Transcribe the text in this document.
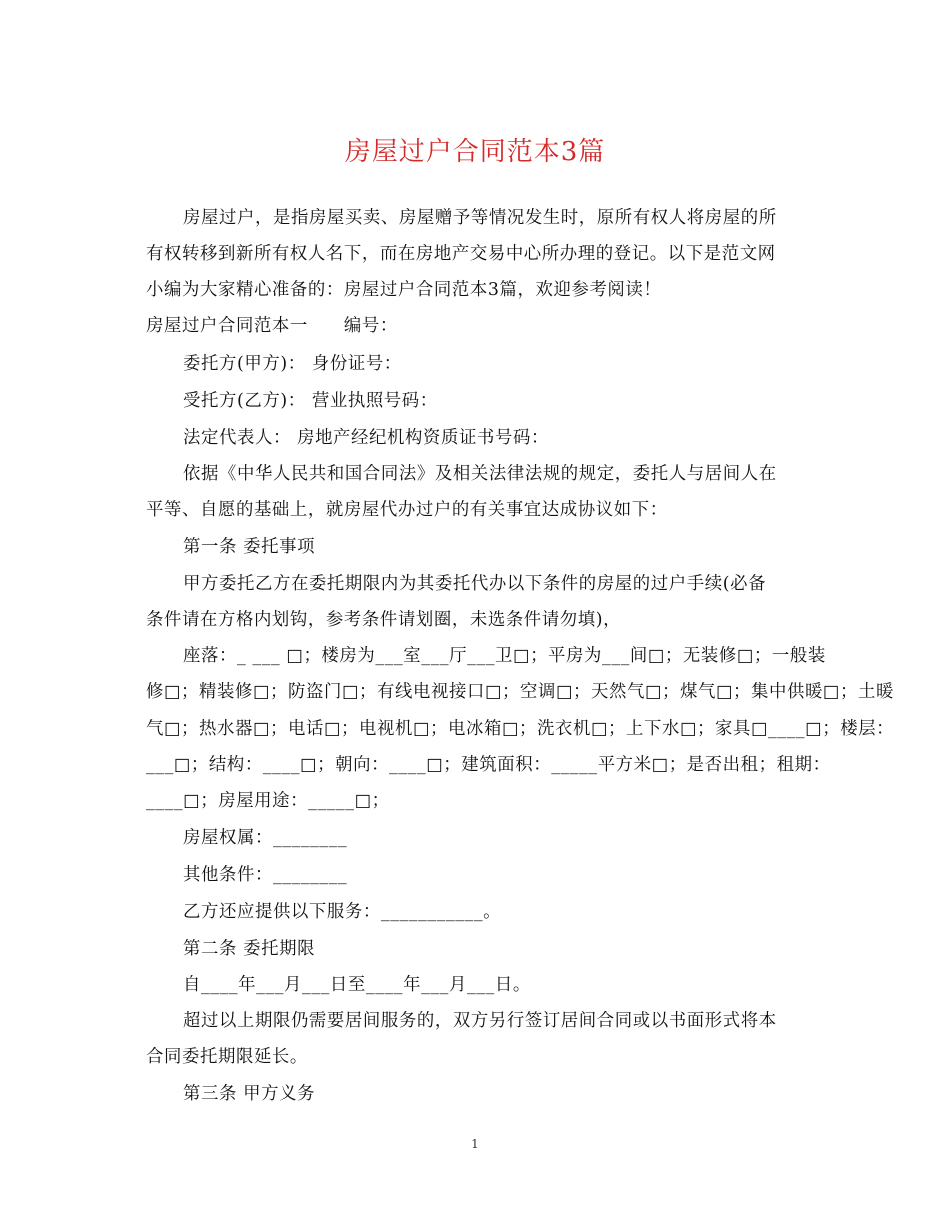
房屋过户合同范本3篇
房屋过户，是指房屋买卖、房屋赠予等情况发生时，原所有权人将房屋的所
有权转移到新所有权人名下，而在房地产交易中心所办理的登记。以下是范文网
小编为大家精心准备的：房屋过户合同范本3篇，欢迎参考阅读！
房屋过户合同范本一　　编号：
委托方(甲方)： 身份证号：
受托方(乙方)： 营业执照号码：
法定代表人： 房地产经纪机构资质证书号码：
依据《中华人民共和国合同法》及相关法律法规的规定，委托人与居间人在
平等、自愿的基础上，就房屋代办过户的有关事宜达成协议如下：
第一条 委托事项
甲方委托乙方在委托期限内为其委托代办以下条件的房屋的过户手续(必备
条件请在方格内划钩，参考条件请划圈，未选条件请勿填)，
座落：_ ___ □；楼房为___室___厅___卫□；平房为___间□；无装修□；一般装
修□；精装修□；防盗门□；有线电视接口□；空调□；天然气□；煤气□；集中供暖□；土暖
气□；热水器□；电话□；电视机□；电冰箱□；洗衣机□；上下水□；家具□____□；楼层：
___□；结构：____□；朝向：____□；建筑面积：_____平方米□；是否出租；租期：
____□；房屋用途：_____□；
房屋权属：________
其他条件：________
乙方还应提供以下服务：___________。
第二条 委托期限
自____年___月___日至____年___月___日。
超过以上期限仍需要居间服务的，双方另行签订居间合同或以书面形式将本
合同委托期限延长。
第三条 甲方义务
1
